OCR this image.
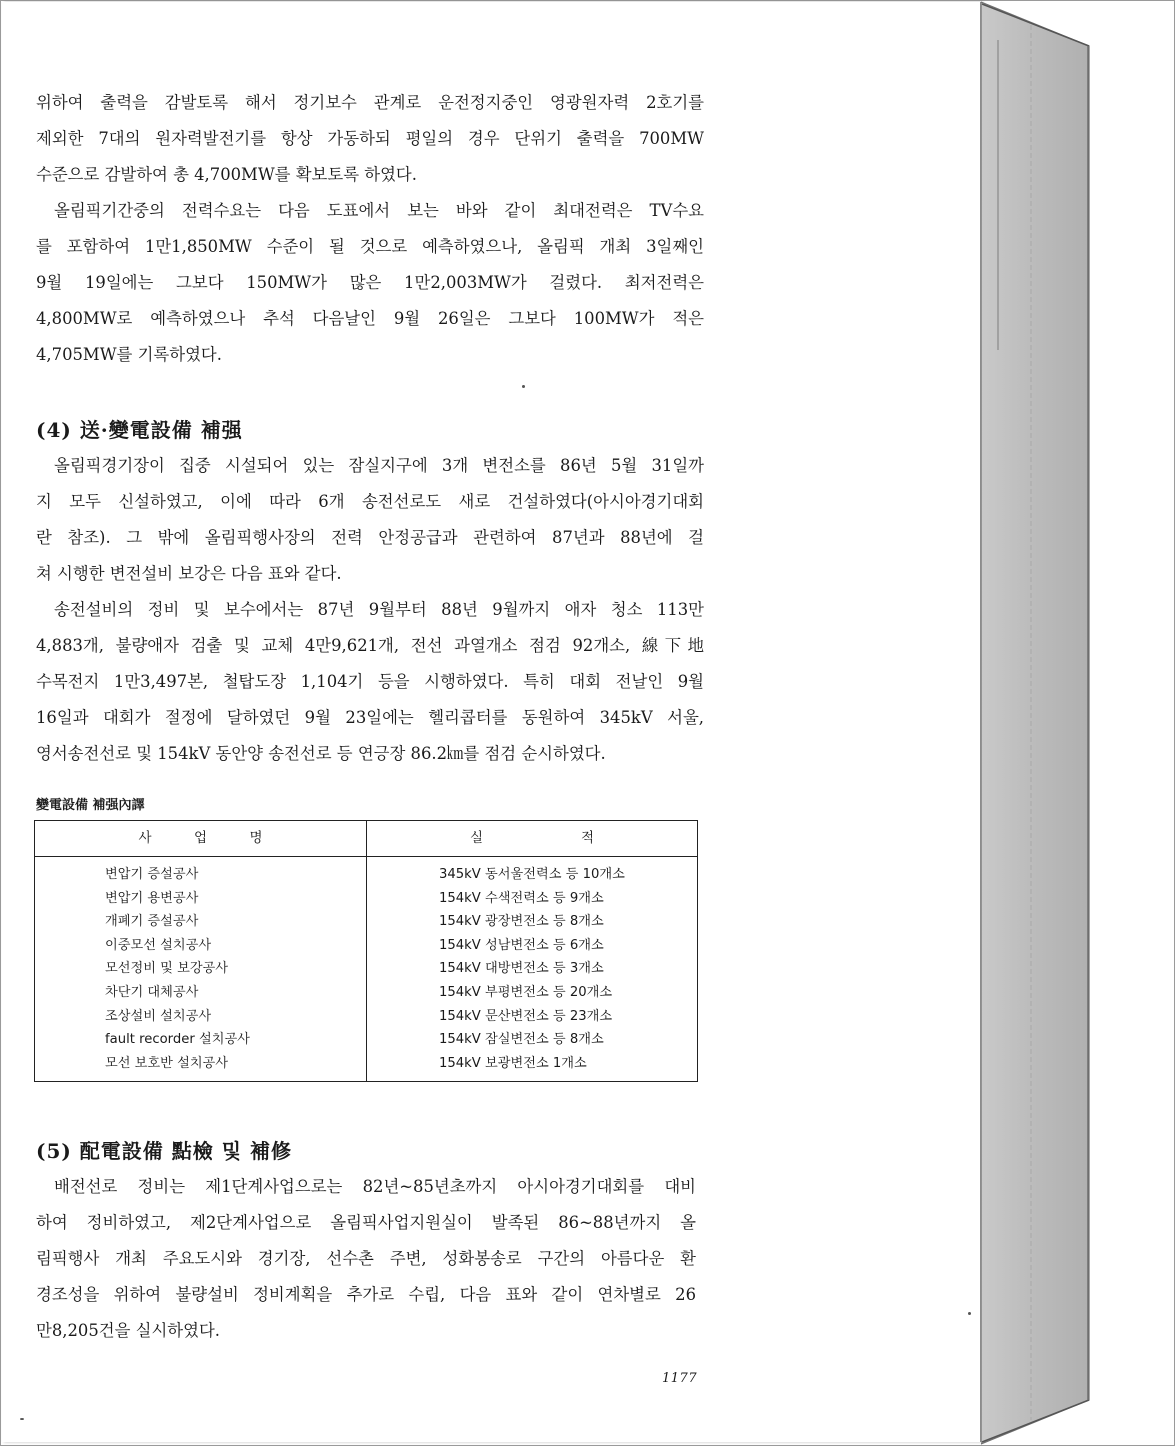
위하여 출력을 감발토록 해서 정기보수 관계로 운전정지중인 영광원자력 2호기를
제외한 7대의 원자력발전기를 항상 가동하되 평일의 경우 단위기 출력을 700MW
수준으로 감발하여 총 4,700MW를 확보토록 하였다.
올림픽기간중의 전력수요는 다음 도표에서 보는 바와 같이 최대전력은 TV수요
를 포함하여 1만1,850MW 수준이 될 것으로 예측하였으나, 올림픽 개최 3일째인
9월 19일에는 그보다 150MW가 많은 1만2,003MW가 걸렸다. 최저전력은
4,800MW로 예측하였으나 추석 다음날인 9월 26일은 그보다 100MW가 적은
4,705MW를 기록하였다.
(4) 送·變電設備 補强
올림픽경기장이 집중 시설되어 있는 잠실지구에 3개 변전소를 86년 5월 31일까
지 모두 신설하였고, 이에 따라 6개 송전선로도 새로 건설하였다(아시아경기대회
란 참조). 그 밖에 올림픽행사장의 전력 안정공급과 관련하여 87년과 88년에 걸
쳐 시행한 변전설비 보강은 다음 표와 같다.
송전설비의 정비 및 보수에서는 87년 9월부터 88년 9월까지 애자 청소 113만
4,883개, 불량애자 검출 및 교체 4만9,621개, 전선 과열개소 점검 92개소, 線下地
수목전지 1만3,497본, 철탑도장 1,104기 등을 시행하였다. 특히 대회 전날인 9월
16일과 대회가 절정에 달하였던 9월 23일에는 헬리콥터를 동원하여 345kV 서울,
영서송전선로 및 154kV 동안양 송전선로 등 연긍장 86.2㎞를 점검 순시하였다.
變電設備 補强內譯
사 업 명	실 적
변압기 증설공사
변압기 용변공사
개폐기 증설공사
이중모선 설치공사
모선정비 및 보강공사
차단기 대체공사
조상설비 설치공사
fault recorder 설치공사
모선 보호반 설치공사
345kV 동서울전력소 등 10개소
154kV 수색전력소 등 9개소
154kV 광장변전소 등 8개소
154kV 성남변전소 등 6개소
154kV 대방변전소 등 3개소
154kV 부평변전소 등 20개소
154kV 문산변전소 등 23개소
154kV 잠실변전소 등 8개소
154kV 보광변전소 1개소
(5) 配電設備 點檢 및 補修
배전선로 정비는 제1단계사업으로는 82년~85년초까지 아시아경기대회를 대비
하여 정비하였고, 제2단계사업으로 올림픽사업지원실이 발족된 86~88년까지 올
림픽행사 개최 주요도시와 경기장, 선수촌 주변, 성화봉송로 구간의 아름다운 환
경조성을 위하여 불량설비 정비계획을 추가로 수립, 다음 표와 같이 연차별로 26
만8,205건을 실시하였다.
1177
